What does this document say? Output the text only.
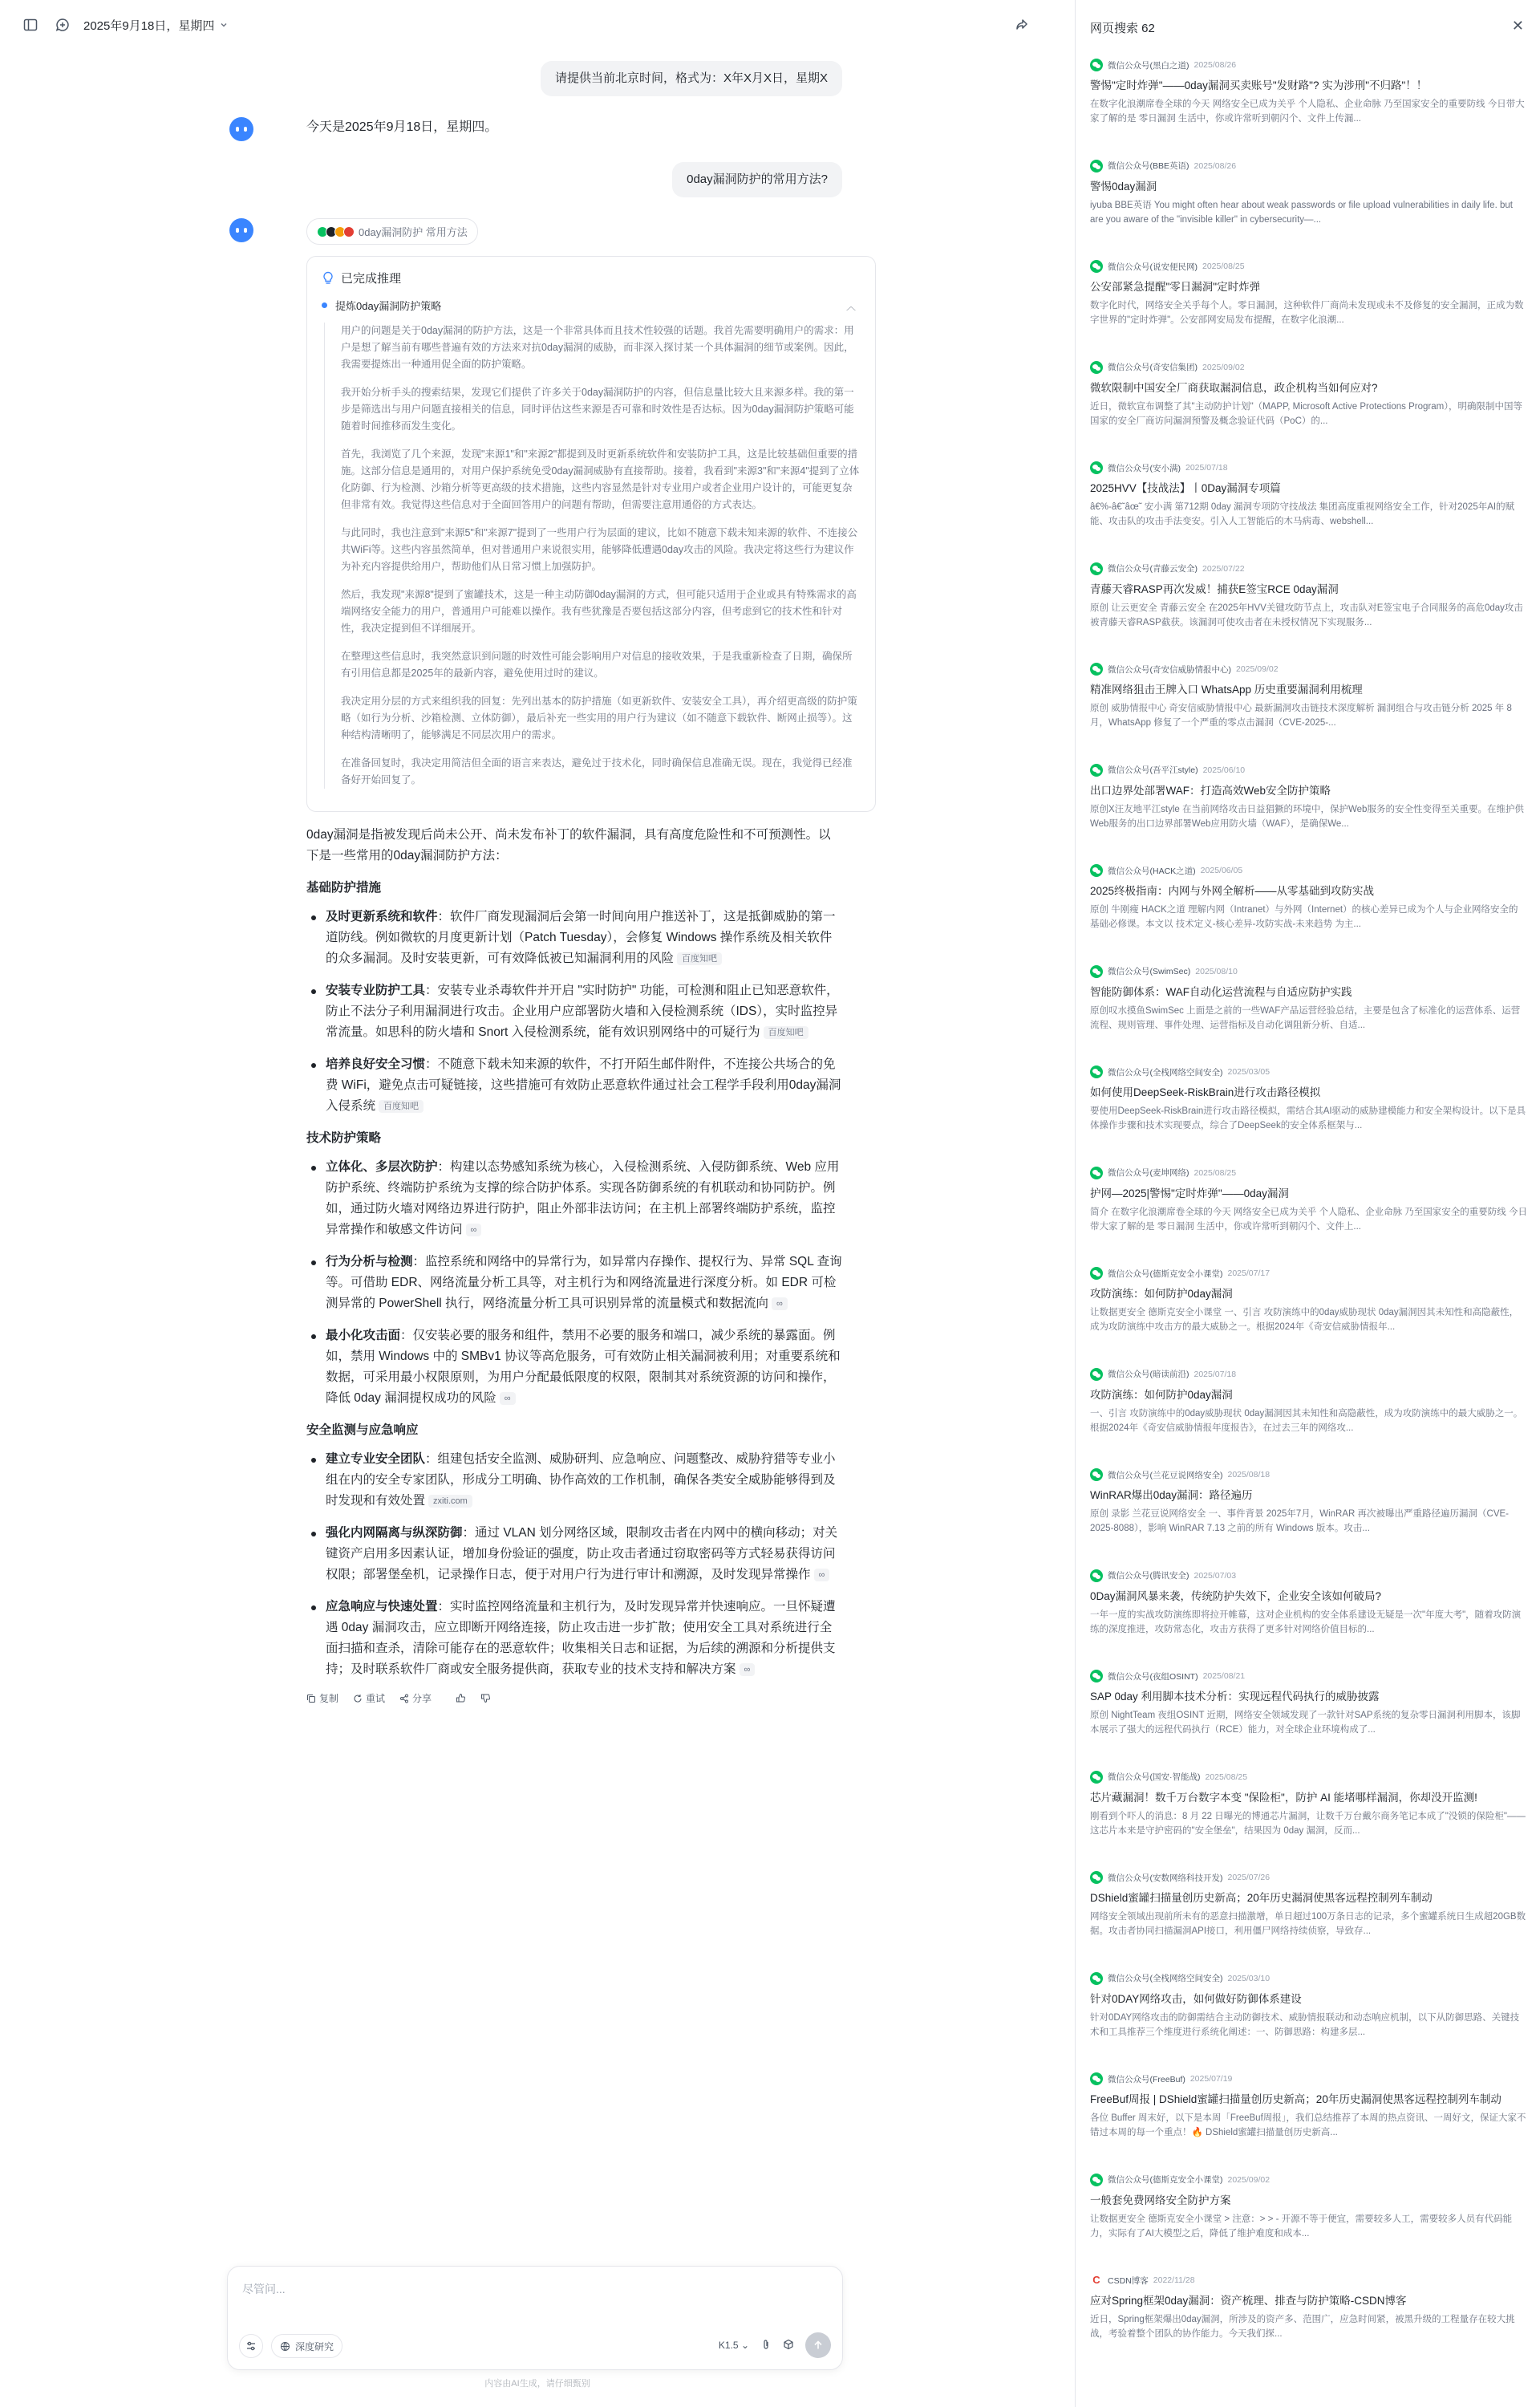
2025年9月18日，星期四
请提供当前北京时间，格式为：X年X月X日，星期X
今天是2025年9月18日，星期四。
0day漏洞防护的常用方法?
0day漏洞防护 常用方法
已完成推理
提炼0day漏洞防护策略	︿

用户的问题是关于0day漏洞的防护方法，这是一个非常具体而且技术性较强的话题。我首先需要明确用户的需求：用户是想了解当前有哪些普遍有效的方法来对抗0day漏洞的威胁，而非深入探讨某一个具体漏洞的细节或案例。因此，我需要提炼出一种通用促全面的防护策略。

我开始分析手头的搜索结果，发现它们提供了许多关于0day漏洞防护的内容，但信息量比较大且来源多样。我的第一步是筛选出与用户问题直接相关的信息，同时评估这些来源是否可靠和时效性是否达标。因为0day漏洞防护策略可能随着时间推移而发生变化。

首先，我浏览了几个来源，发现"来源1"和"来源2"都提到及时更新系统软件和安装防护工具，这是比较基础但重要的措施。这部分信息是通用的，对用户保护系统免受0day漏洞威胁有直接帮助。接着，我看到"来源3"和"来源4"提到了立体化防御、行为检测、沙箱分析等更高级的技术措施，这些内容显然是针对专业用户或者企业用户设计的，可能更复杂但非常有效。我觉得这些信息对于全面回答用户的问题有帮助，但需要注意用通俗的方式表达。

与此同时，我也注意到"来源5"和"来源7"提到了一些用户行为层面的建议，比如不随意下载未知来源的软件、不连接公共WiFi等。这些内容虽然简单，但对普通用户来说很实用，能够降低遭遇0day攻击的风险。我决定将这些行为建议作为补充内容提供给用户，帮助他们从日常习惯上加强防护。

然后，我发现"来源8"提到了蜜罐技术，这是一种主动防御0day漏洞的方式，但可能只适用于企业或具有特殊需求的高端网络安全能力的用户，普通用户可能难以操作。我有些犹豫是否要包括这部分内容，但考虑到它的技术性和针对性，我决定提到但不详细展开。

在整理这些信息时，我突然意识到问题的时效性可能会影响用户对信息的接收效果，于是我重新检查了日期，确保所有引用信息都是2025年的最新内容，避免使用过时的建议。

我决定用分层的方式来组织我的回复：先列出基本的防护措施（如更新软件、安装安全工具），再介绍更高级的防护策略（如行为分析、沙箱检测、立体防御），最后补充一些实用的用户行为建议（如不随意下载软件、断网止损等）。这种结构清晰明了，能够满足不同层次用户的需求。

在准备回复时，我决定用简洁但全面的语言来表达，避免过于技术化，同时确保信息准确无误。现在，我觉得已经准备好开始回复了。

0day漏洞是指被发现后尚未公开、尚未发布补丁的软件漏洞，具有高度危险性和不可预测性。以下是一些常用的0day漏洞防护方法：
基础防护措施
及时更新系统和软件：软件厂商发现漏洞后会第一时间向用户推送补丁，这是抵御威胁的第一道防线。例如微软的月度更新计划（Patch Tuesday），会修复 Windows 操作系统及相关软件的众多漏洞。及时安装更新，可有效降低被已知漏洞利用的风险 百度知吧
安装专业防护工具：安装专业杀毒软件并开启 "实时防护" 功能，可检测和阻止已知恶意软件，防止不法分子利用漏洞进行攻击。企业用户应部署防火墙和入侵检测系统（IDS），实时监控异常流量。如思科的防火墙和 Snort 入侵检测系统，能有效识别网络中的可疑行为 百度知吧
培养良好安全习惯：不随意下载未知来源的软件，不打开陌生邮件附件，不连接公共场合的免费 WiFi，避免点击可疑链接，这些措施可有效防止恶意软件通过社会工程学手段利用0day漏洞入侵系统 百度知吧
技术防护策略
立体化、多层次防护：构建以态势感知系统为核心，入侵检测系统、入侵防御系统、Web 应用防护系统、终端防护系统为支撑的综合防护体系。实现各防御系统的有机联动和协同防护。例如，通过防火墙对网络边界进行防护，阻止外部非法访问；在主机上部署终端防护系统，监控异常操作和敏感文件访问 ∞
行为分析与检测：监控系统和网络中的异常行为，如异常内存操作、提权行为、异常 SQL 查询等。可借助 EDR、网络流量分析工具等，对主机行为和网络流量进行深度分析。如 EDR 可检测异常的 PowerShell 执行，网络流量分析工具可识别异常的流量模式和数据流向 ∞
最小化攻击面：仅安装必要的服务和组件，禁用不必要的服务和端口，减少系统的暴露面。例如，禁用 Windows 中的 SMBv1 协议等高危服务，可有效防止相关漏洞被利用；对重要系统和数据，可采用最小权限原则，为用户分配最低限度的权限，限制其对系统资源的访问和操作，降低 0day 漏洞提权成功的风险 ∞
安全监测与应急响应
建立专业安全团队：组建包括安全监测、威胁研判、应急响应、问题整改、威胁狩猎等专业小组在内的安全专家团队，形成分工明确、协作高效的工作机制，确保各类安全威胁能够得到及时发现和有效处置 zxiti.com
强化内网隔离与纵深防御：通过 VLAN 划分网络区域，限制攻击者在内网中的横向移动；对关键资产启用多因素认证，增加身份验证的强度，防止攻击者通过窃取密码等方式轻易获得访问权限；部署堡垒机，记录操作日志，便于对用户行为进行审计和溯源，及时发现异常操作 ∞
应急响应与快速处置：实时监控网络流量和主机行为，及时发现异常并快速响应。一旦怀疑遭遇 0day 漏洞攻击，应立即断开网络连接，防止攻击进一步扩散；使用安全工具对系统进行全面扫描和查杀，清除可能存在的恶意软件；收集相关日志和证据，为后续的溯源和分析提供支持；及时联系软件厂商或安全服务提供商，获取专业的技术支持和解决方案 ∞
复制	重试	分享
尽管问...
深度研究	K1.5 ⌄
内容由AI生成，请仔细甄别
网页搜索 62	✕
微信公众号(黑白之道) 2025/08/26
警惕"定时炸弹"——0day漏洞买卖账号"发财路"? 实为涉刑"不归路"！！
在数字化浪潮席卷全球的今天 网络安全已成为关乎 个人隐私、企业命脉 乃至国家安全的重要防线 今日带大家了解的是 零日漏洞 生活中，你或许常听到朝闪个、文件上传漏...
微信公众号(BBE英语) 2025/08/26
警惕0day漏洞
iyuba BBE英语 You might often hear about weak passwords or file upload vulnerabilities in daily life. but are you aware of the "invisible killer" in cybersecurity—...
微信公众号(说安便民网) 2025/08/25
公安部紧急提醒"零日漏洞"定时炸弹
数字化时代，网络安全关乎每个人。零日漏洞，这种软件厂商尚未发现或未不及修复的安全漏洞，正成为数字世界的"定时炸弹"。公安部网安局发布提醒，在数字化浪潮...
微信公众号(奇安信集团) 2025/09/02
微软限制中国安全厂商获取漏洞信息，政企机构当如何应对?
近日，微软宣布调整了其"主动防护计划"（MAPP, Microsoft Active Protections Program），明确限制中国等国家的安全厂商访问漏洞预警及概念验证代码（PoC）的...
微信公众号(安小满) 2025/07/18
2025HVV【技战法】丨0Day漏洞专项篇
â€%-â€˜âœ˜ 安小满 第712期 0day 漏洞专项防守技战法 集团高度重视网络安全工作，针对2025年AI的赋能、攻击队的攻击手法变安。引入人工智能后的木马病毒、webshell...
微信公众号(青藤云安全) 2025/07/22
青藤天睿RASP再次发威！捕获E签宝RCE 0day漏洞
原创 让云更安全 青藤云安全 在2025年HVV关键攻防节点上，攻击队对E签宝电子合同服务的高危0day攻击被青藤天睿RASP截获。该漏洞可使攻击者在未授权情况下实现服务...
微信公众号(奇安信威胁情报中心) 2025/09/02
精准网络狙击王牌入口 WhatsApp 历史重要漏洞利用梳理
原创 威胁情报中心 奇安信威胁情报中心 最新漏洞攻击链技术深度解析 漏洞组合与攻击链分析 2025 年 8 月，WhatsApp 修复了一个严重的零点击漏洞（CVE-2025-...
微信公众号(吾平江style) 2025/06/10
出口边界处部署WAF：打造高效Web安全防护策略
原创X汪友地平江style 在当前网络攻击日益猖獗的环境中，保护Web服务的安全性变得至关重要。在维护供Web服务的出口边界部署Web应用防火墙（WAF），是确保We...
微信公众号(HACK之道) 2025/06/05
2025终极指南：内网与外网全解析——从零基础到攻防实战
原创 牛刚瘦 HACK之道 理解内网（Intranet）与外网（Internet）的核心差异已成为个人与企业网络安全的基础必修课。本文以 技术定义-核心差异-攻防实战-未来趋势 为主...
微信公众号(SwimSec) 2025/08/10
智能防御体系：WAF自动化运营流程与自适应防护实践
原创叹水摸鱼SwimSec 上面是之前的一些WAF产品运营经验总结，主要是包含了标准化的运营体系、运营流程、规则管理、事件处理、运营指标及自动化调阻新分析、自适...
微信公众号(全栈网络空间安全) 2025/03/05
如何使用DeepSeek-RiskBrain进行攻击路径模拟
要使用DeepSeek-RiskBrain进行攻击路径模拟，需结合其AI驱动的威胁建模能力和安全架构设计。以下是具体操作步骤和技术实现要点，综合了DeepSeek的安全体系框架与...
微信公众号(麦坤网络) 2025/08/25
护网—2025|警惕"定时炸弹"——0day漏洞
简介 在数字化浪潮席卷全球的今天 网络安全已成为关乎 个人隐私、企业命脉 乃至国家安全的重要防线 今日带大家了解的是 零日漏洞 生活中，你或许常听到朝闪个、文件上...
微信公众号(德斯克安全小课堂) 2025/07/17
攻防演练：如何防护0day漏洞
让数据更安全 德斯克安全小课堂 一、引言 攻防演练中的0day威胁现状 0day漏洞因其未知性和高隐蔽性，成为攻防演练中攻击方的最大威胁之一。根据2024年《奇安信威胁情报年...
微信公众号(暗读前沿) 2025/07/18
攻防演练：如何防护0day漏洞
一、引言 攻防演练中的0day威胁现状 0day漏洞因其未知性和高隐蔽性，成为攻防演练中的最大威胁之一。根据2024年《奇安信威胁情报年度报告》，在过去三年的网络攻...
微信公众号(兰花豆说网络安全) 2025/08/18
WinRAR爆出0day漏洞：路径遍历
原创 录影 兰花豆说网络安全 一、事件背景 2025年7月，WinRAR 再次被曝出严重路径遍历漏洞（CVE-2025-8088），影响 WinRAR 7.13 之前的所有 Windows 版本。攻击...
微信公众号(腾讯安全) 2025/07/03
0Day漏洞风暴来袭，传统防护失效下，企业安全该如何破局?
一年一度的实战攻防演练即将拉开帷幕，这对企业机构的安全体系建设无疑是一次"年度大考"，随着攻防演练的深度推进，攻防常态化，攻击方获得了更多针对网络价值目标的...
微信公众号(夜组OSINT) 2025/08/21
SAP 0day 利用脚本技术分析：实现远程代码执行的威胁披露
原创 NightTeam 夜组OSINT 近期，网络安全领域发现了一款针对SAP系统的复杂零日漏洞利用脚本，该脚本展示了强大的远程代码执行（RCE）能力，对全球企业环境构成了...
微信公众号(国安·智能战) 2025/08/25
芯片藏漏洞！数千万台数字本变 "保险柜"，防护 AI 能堵哪样漏洞，你却没开监测!
刚看到个吓人的消息：8 月 22 日曝光的博通芯片漏洞，让数千万台戴尔商务笔记本成了"没锁的保险柜"——这芯片本来是守护密码的"安全堡垒"，结果因为 0day 漏洞，反而...
微信公众号(安数网络科技开发) 2025/07/26
DShield蜜罐扫描量创历史新高；20年历史漏洞使黑客远程控制列车制动
网络安全领域出现前所未有的恶意扫描激增，单日超过100万条日志的记录，多个蜜罐系统日生成超20GB数据。攻击者协同扫描漏洞API接口，利用僵尸网络持续侦察，导致存...
微信公众号(全栈网络空间安全) 2025/03/10
针对0DAY网络攻击，如何做好防御体系建设
针对0DAY网络攻击的防御需结合主动防御技术、威胁情报联动和动态响应机制，以下从防御思路、关键技术和工具推荐三个维度进行系统化阐述：一、防御思路：构建多层...
微信公众号(FreeBuf) 2025/07/19
FreeBuf周报 | DShield蜜罐扫描量创历史新高；20年历史漏洞使黑客远程控制列车制动
各位 Buffer 周末好，以下是本周「FreeBuf周报」，我们总结推荐了本周的热点资讯、一周好文，保证大家不错过本周的每一个重点！🔥 DShield蜜罐扫描量创历史新高...
微信公众号(德斯克安全小课堂) 2025/09/02
一般套免费网络安全防护方案
让数据更安全 德斯克安全小课堂 > 注意：> > - 开源不等于便宜，需要较多人工，需要较多人员有代码能力，实际有了AI大模型之后，降低了维护难度和成本...
C CSDN博客 2022/11/28
应对Spring框架0day漏洞：资产梳理、排查与防护策略-CSDN博客
近日，Spring框架爆出0day漏洞，所涉及的资产多、范围广，应急时间紧，被黑升级的工程量存在较大挑战，考验着整个团队的协作能力。今天我们探...
